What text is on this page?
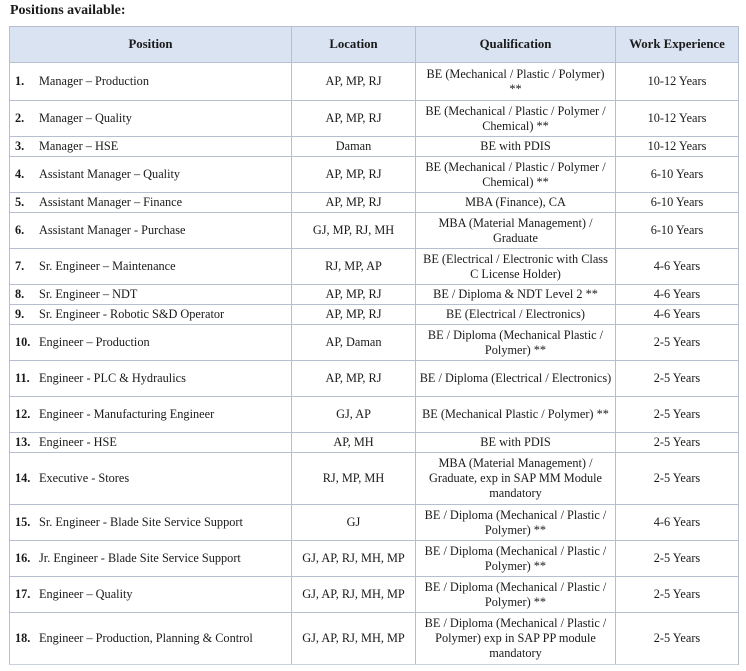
Positions available:
Position	Location	Qualification	Work Experience
1. Manager – Production	AP, MP, RJ	BE (Mechanical / Plastic / Polymer) **	10-12 Years
2. Manager – Quality	AP, MP, RJ	BE (Mechanical / Plastic / Polymer / Chemical) **	10-12 Years
3. Manager – HSE	Daman	BE with PDIS	10-12 Years
4. Assistant Manager – Quality	AP, MP, RJ	BE (Mechanical / Plastic / Polymer / Chemical) **	6-10 Years
5. Assistant Manager – Finance	AP, MP, RJ	MBA (Finance), CA	6-10 Years
6. Assistant Manager - Purchase	GJ, MP, RJ, MH	MBA (Material Management) / Graduate	6-10 Years
7. Sr. Engineer – Maintenance	RJ, MP, AP	BE (Electrical / Electronic with Class C License Holder)	4-6 Years
8. Sr. Engineer – NDT	AP, MP, RJ	BE / Diploma & NDT Level 2 **	4-6 Years
9. Sr. Engineer - Robotic S&D Operator	AP, MP, RJ	BE (Electrical / Electronics)	4-6 Years
10. Engineer – Production	AP, Daman	BE / Diploma (Mechanical Plastic / Polymer) **	2-5 Years
11. Engineer - PLC & Hydraulics	AP, MP, RJ	BE / Diploma (Electrical / Electronics)	2-5 Years
12. Engineer - Manufacturing Engineer	GJ, AP	BE (Mechanical Plastic / Polymer) **	2-5 Years
13. Engineer - HSE	AP, MH	BE with PDIS	2-5 Years
14. Executive - Stores	RJ, MP, MH	MBA (Material Management) / Graduate, exp in SAP MM Module mandatory	2-5 Years
15. Sr. Engineer - Blade Site Service Support	GJ	BE / Diploma (Mechanical / Plastic / Polymer) **	4-6 Years
16. Jr. Engineer - Blade Site Service Support	GJ, AP, RJ, MH, MP	BE / Diploma (Mechanical / Plastic / Polymer) **	2-5 Years
17. Engineer – Quality	GJ, AP, RJ, MH, MP	BE / Diploma (Mechanical / Plastic / Polymer) **	2-5 Years
18. Engineer – Production, Planning & Control	GJ, AP, RJ, MH, MP	BE / Diploma (Mechanical / Plastic / Polymer) exp in SAP PP module mandatory	2-5 Years
